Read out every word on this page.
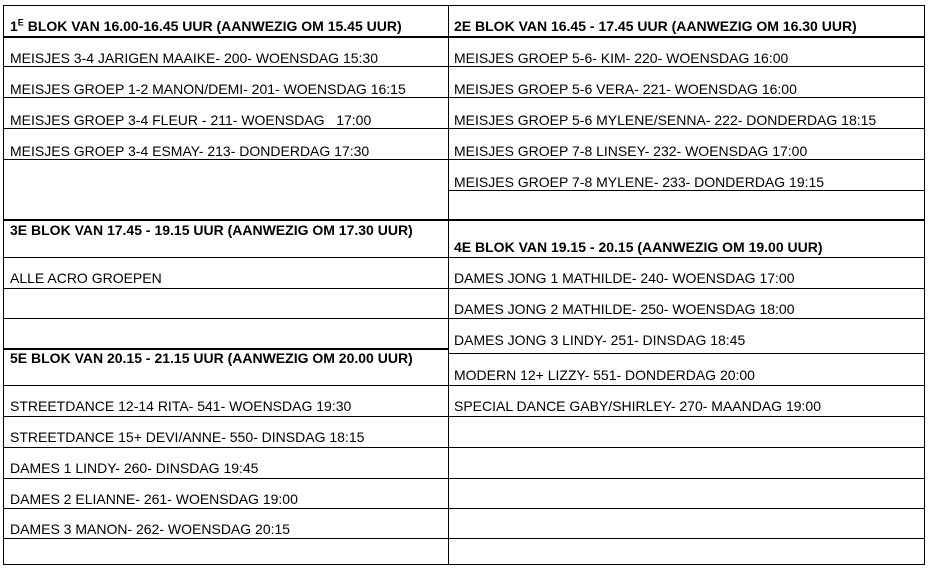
$1^E$ BLOK VAN 16.00-16.45 UUR (AANWEZIG OM 15.45 UUR)	2E BLOK VAN 16.45 - 17.45 UUR (AANWEZIG OM 16.30 UUR)
MEISJES 3-4 JARIGEN MAAIKE- 200- WOENSDAG 15:30
MEISJES GROEP 1-2 MANON/DEMI- 201- WOENSDAG 16:15
MEISJES GROEP 3-4 FLEUR - 211- WOENSDAG   17:00
MEISJES GROEP 3-4 ESMAY- 213- DONDERDAG 17:30
MEISJES GROEP 5-6- KIM- 220- WOENSDAG 16:00
MEISJES GROEP 5-6 VERA- 221- WOENSDAG 16:00
MEISJES GROEP 5-6 MYLENE/SENNA- 222- DONDERDAG 18:15
MEISJES GROEP 7-8 LINSEY- 232- WOENSDAG 17:00
MEISJES GROEP 7-8 MYLENE- 233- DONDERDAG 19:15
3E BLOK VAN 17.45 - 19.15 UUR (AANWEZIG OM 17.30 UUR)
ALLE ACRO GROEPEN
4E BLOK VAN 19.15 - 20.15 (AANWEZIG OM 19.00 UUR)
DAMES JONG 1 MATHILDE- 240- WOENSDAG 17:00
DAMES JONG 2 MATHILDE- 250- WOENSDAG 18:00
DAMES JONG 3 LINDY- 251- DINSDAG 18:45
MODERN 12+ LIZZY- 551- DONDERDAG 20:00
SPECIAL DANCE GABY/SHIRLEY- 270- MAANDAG 19:00
5E BLOK VAN 20.15 - 21.15 UUR (AANWEZIG OM 20.00 UUR)
STREETDANCE 12-14 RITA- 541- WOENSDAG 19:30
STREETDANCE 15+ DEVI/ANNE- 550- DINSDAG 18:15
DAMES 1 LINDY- 260- DINSDAG 19:45
DAMES 2 ELIANNE- 261- WOENSDAG 19:00
DAMES 3 MANON- 262- WOENSDAG 20:15
